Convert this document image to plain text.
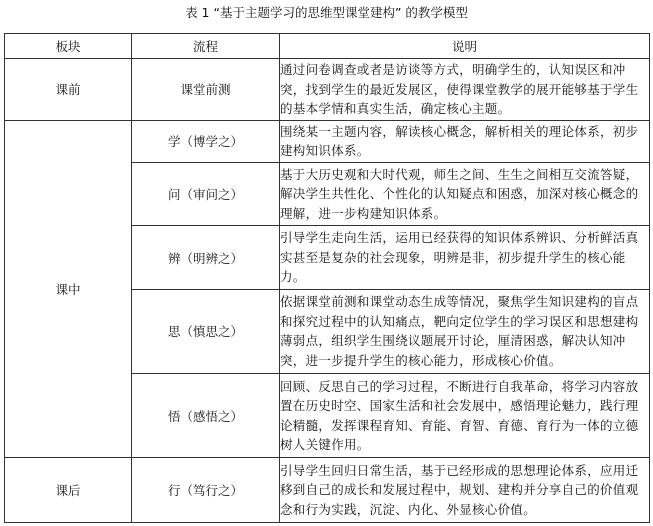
表 1 “基于主题学习的思维型课堂建构” 的教学模型
板块	流程	说明
课前	课堂前测	通过问卷调查或者是访谈等方式，明确学生的，认知误区和冲突，找到学生的最近发展区，使得课堂教学的展开能够基于学生的基本学情和真实生活，确定核心主题。
课中	学（博学之）	围绕某一主题内容，解读核心概念，解析相关的理论体系，初步建构知识体系。
	问（审问之）	基于大历史观和大时代观，师生之间、生生之间相互交流答疑，解决学生共性化、个性化的认知疑点和困惑，加深对核心概念的理解，进一步构建知识体系。
	辨（明辨之）	引导学生走向生活，运用已经获得的知识体系辨识、分析鲜活真实甚至是复杂的社会现象，明辨是非，初步提升学生的核心能力。
	思（慎思之）	依据课堂前测和课堂动态生成等情况，聚焦学生知识建构的盲点和探究过程中的认知痛点，靶向定位学生的学习误区和思想建构薄弱点，组织学生围绕议题展开讨论，厘清困惑，解决认知冲突，进一步提升学生的核心能力，形成核心价值。
	悟（感悟之）	回顾、反思自己的学习过程，不断进行自我革命，将学习内容放置在历史时空、国家生活和社会发展中，感悟理论魅力，践行理论精髓，发挥课程育知、育能、育智、育德、育行为一体的立德树人关键作用。
课后	行（笃行之）	引导学生回归日常生活，基于已经形成的思想理论体系，应用迁移到自己的成长和发展过程中，规划、建构并分享自己的价值观念和行为实践，沉淀、内化、外显核心价值。
